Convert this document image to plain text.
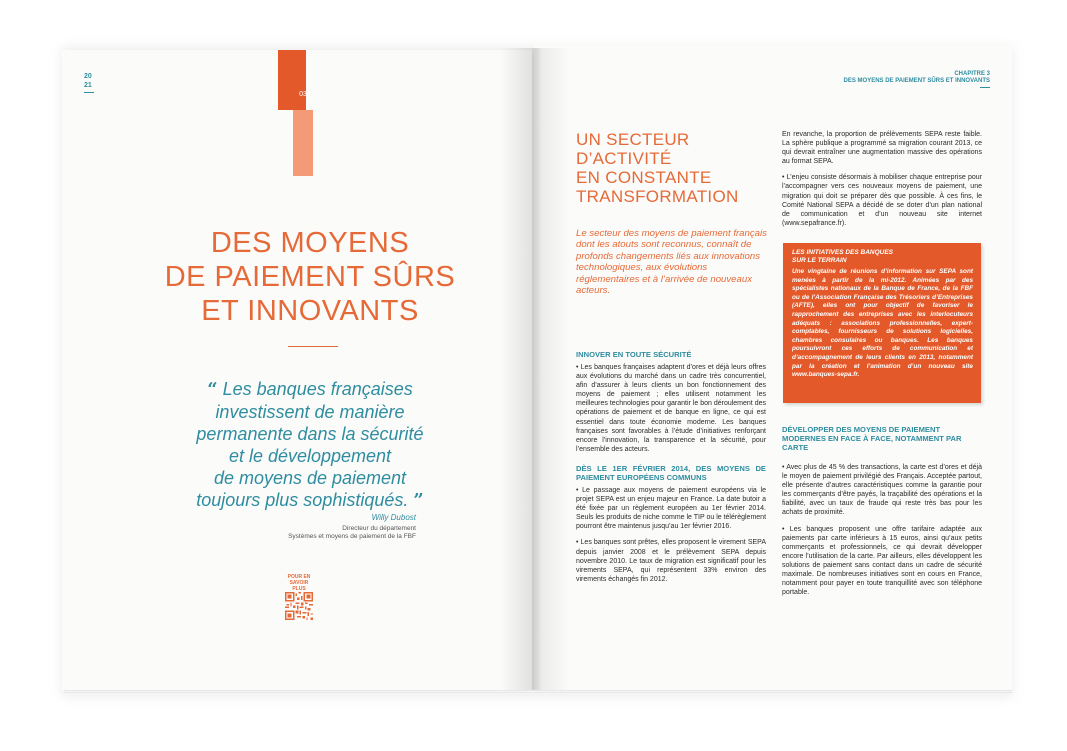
20
21
03
DES MOYENS
DE PAIEMENT SÛRS
ET INNOVANTS
“ Les banques françaises
investissent de manière
permanente dans la sécurité
et le développement
de moyens de paiement
toujours plus sophistiqués. ”
Willy Dubost
Directeur du département
Systèmes et moyens de paiement de la FBF
POUR EN
SAVOIR PLUS
CHAPITRE 3
DES MOYENS DE PAIEMENT SÛRS ET INNOVANTS
UN SECTEUR
D’ACTIVITÉ
EN CONSTANTE
TRANSFORMATION
Le secteur des moyens de paiement français dont les atouts sont reconnus, connaît de profonds changements liés aux innovations technologiques, aux évolutions réglementaires et à l’arrivée de nouveaux acteurs.
INNOVER EN TOUTE SÉCURITÉ

• Les banques françaises adaptent d’ores et déjà leurs offres aux évolutions du marché dans un cadre très concurrentiel, afin d’assurer à leurs clients un bon fonctionnement des moyens de paiement ; elles utilisent notamment les meilleures technologies pour garantir le bon déroulement des opérations de paiement et de banque en ligne, ce qui est essentiel dans toute économie moderne. Les banques françaises sont favorables à l’étude d’initiatives renforçant encore l’innovation, la transparence et la sécurité, pour l’ensemble des acteurs.

DÈS LE 1ER FÉVRIER 2014, DES MOYENS DE PAIEMENT EUROPÉENS COMMUNS

• Le passage aux moyens de paiement européens via le projet SEPA est un enjeu majeur en France. La date butoir a été fixée par un règlement européen au 1er février 2014. Seuls les produits de niche comme le TIP ou le télérèglement pourront être maintenus jusqu’au 1er février 2016.

• Les banques sont prêtes, elles proposent le virement SEPA depuis janvier 2008 et le prélèvement SEPA depuis novembre 2010. Le taux de migration est significatif pour les virements SEPA, qui représentent 33% environ des virements échangés fin 2012.

En revanche, la proportion de prélèvements SEPA reste faible. La sphère publique a programmé sa migration courant 2013, ce qui devrait entraîner une augmentation massive des opérations au format SEPA.

• L’enjeu consiste désormais à mobiliser chaque entreprise pour l’accompagner vers ces nouveaux moyens de paiement, une migration qui doit se préparer dès que possible. À ces fins, le Comité National SEPA a décidé de se doter d’un plan national de communication et d’un nouveau site internet (www.sepafrance.fr).

LES INITIATIVES DES BANQUES
SUR LE TERRAIN
Une vingtaine de réunions d’information sur SEPA sont menées à partir de la mi-2012. Animées par des spécialistes nationaux de la Banque de France, de la FBF ou de l’Association Française des Trésoriers d’Entreprises (AFTE), elles ont pour objectif de favoriser le rapprochement des entreprises avec les interlocuteurs adéquats : associations professionnelles, expert-comptables, fournisseurs de solutions logicielles, chambres consulaires ou banques. Les banques poursuivront ces efforts de communication et d’accompagnement de leurs clients en 2013, notamment par la création et l’animation d’un nouveau site www.banques-sepa.fr.
DÉVELOPPER DES MOYENS DE PAIEMENT MODERNES EN FACE À FACE, NOTAMMENT PAR CARTE

• Avec plus de 45 % des transactions, la carte est d’ores et déjà le moyen de paiement privilégié des Français. Acceptée partout, elle présente d’autres caractéristiques comme la garantie pour les commerçants d’être payés, la traçabilité des opérations et la fiabilité, avec un taux de fraude qui reste très bas pour les achats de proximité.

• Les banques proposent une offre tarifaire adaptée aux paiements par carte inférieurs à 15 euros, ainsi qu’aux petits commerçants et professionnels, ce qui devrait développer encore l’utilisation de la carte. Par ailleurs, elles développent les solutions de paiement sans contact dans un cadre de sécurité maximale. De nombreuses initiatives sont en cours en France, notamment pour payer en toute tranquillité avec son téléphone portable.
